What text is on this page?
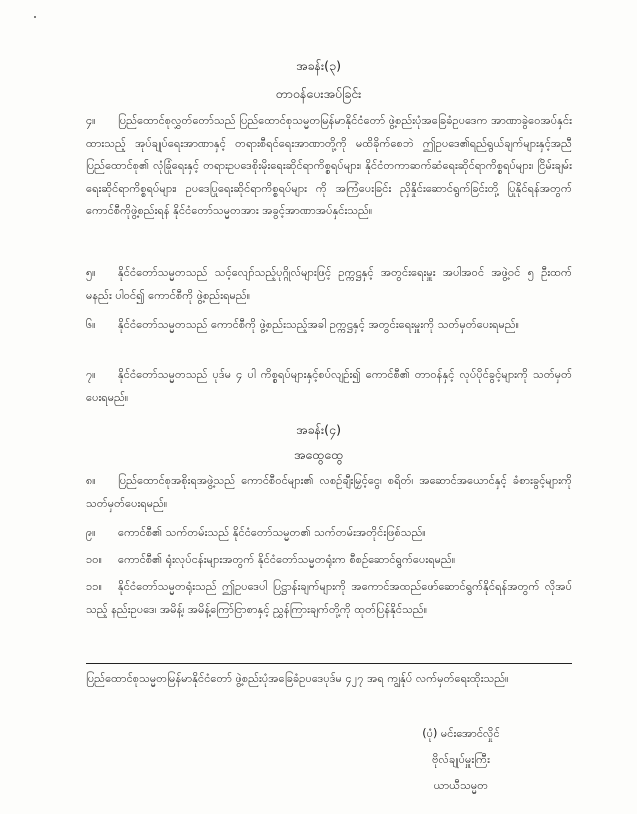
အခန်း(၃)
တာဝန်ပေးအပ်ခြင်း
၄။ ပြည်ထောင်စုလွှတ်တော်သည် ပြည်ထောင်စုသမ္မတမြန်မာနိုင်ငံတော် ဖွဲ့စည်းပုံအခြေခံဥပဒေက အာဏာခွဲဝေအပ်နှင်းထားသည့် အုပ်ချုပ်ရေးအာဏာနှင့် တရားစီရင်ရေးအာဏာတို့ကို မထိခိုက်စေဘဲ ဤဥပဒေ၏ရည်ရွယ်ချက်များနှင့်အညီ ပြည်ထောင်စု၏ လုံခြုံရေးနှင့် တရားဥပဒေစိုးမိုးရေးဆိုင်ရာကိစ္စရပ်များ၊ နိုင်ငံတကာဆက်ဆံရေးဆိုင်ရာကိစ္စရပ်များ၊ ငြိမ်းချမ်းရေးဆိုင်ရာကိစ္စရပ်များ၊ ဥပဒေပြုရေးဆိုင်ရာကိစ္စရပ်များ ကို အကြံပေးခြင်း ညှိနှိုင်းဆောင်ရွက်ခြင်းတို့ ပြုနိုင်ရန်အတွက် ကောင်စီကိုဖွဲ့စည်းရန် နိုင်ငံတော်သမ္မတအား အခွင့်အာဏာအပ်နှင်းသည်။
၅။ နိုင်ငံတော်သမ္မတသည် သင့်လျော်သည့်ပုဂ္ဂိုလ်များဖြင့် ဥက္ကဋ္ဌနှင့် အတွင်းရေးမှူး အပါအဝင် အဖွဲ့ဝင် ၅ ဦးထက်မနည်း ပါဝင်၍ ကောင်စီကို ဖွဲ့စည်းရမည်။
၆။ နိုင်ငံတော်သမ္မတသည် ကောင်စီကို ဖွဲ့စည်းသည့်အခါ ဥက္ကဋ္ဌနှင့် အတွင်းရေးမှူးကို သတ်မှတ်ပေးရမည်။
၇။ နိုင်ငံတော်သမ္မတသည် ပုဒ်မ ၄ ပါ ကိစ္စရပ်များနှင့်စပ်လျဉ်း၍ ကောင်စီ၏ တာဝန်နှင့် လုပ်ပိုင်ခွင့်များကို သတ်မှတ်ပေးရမည်။
အခန်း(၄)
အထွေထွေ
၈။ ပြည်ထောင်စုအစိုးရအဖွဲ့သည် ကောင်စီဝင်များ၏ လစဉ်ချီးမြှင့်ငွေ၊ စရိတ်၊ အဆောင်အယောင်နှင့် ခံစားခွင့်များကို သတ်မှတ်ပေးရမည်။
၉။ ကောင်စီ၏ သက်တမ်းသည် နိုင်ငံတော်သမ္မတ၏ သက်တမ်းအတိုင်းဖြစ်သည်။
၁၀။ ကောင်စီ၏ ရုံးလုပ်ငန်းများအတွက် နိုင်ငံတော်သမ္မတရုံးက စီစဉ်ဆောင်ရွက်ပေးရမည်။
၁၁။ နိုင်ငံတော်သမ္မတရုံးသည် ဤဥပဒေပါ ပြဋ္ဌာန်းချက်များကို အကောင်အထည်ဖော်ဆောင်ရွက်နိုင်ရန်အတွက် လိုအပ်သည့် နည်းဥပဒေ၊ အမိန့်၊ အမိန့်ကြော်ငြာစာနှင့် ညွှန်ကြားချက်တို့ကို ထုတ်ပြန်နိုင်သည်။
ပြည်ထောင်စုသမ္မတမြန်မာနိုင်ငံတော် ဖွဲ့စည်းပုံအခြေခံဥပဒေပုဒ်မ ၄၂၇ အရ ကျွန်ုပ် လက်မှတ်ရေးထိုးသည်။
(ပုံ) မင်းအောင်လှိုင်
ဗိုလ်ချုပ်မှူးကြီး
ယာယီသမ္မတ
